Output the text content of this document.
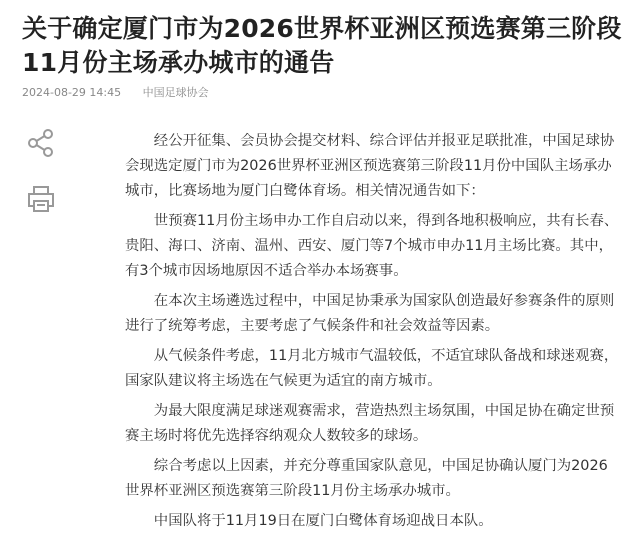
关于确定厦门市为2026世界杯亚洲区预选赛第三阶段11月份主场承办城市的通告
2024-08-29 14:45 中国足球协会

经公开征集、会员协会提交材料、综合评估并报亚足联批准，中国足球协会现选定厦门市为2026世界杯亚洲区预选赛第三阶段11月份中国队主场承办城市，比赛场地为厦门白鹭体育场。相关情况通告如下：

世预赛11月份主场申办工作自启动以来，得到各地积极响应，共有长春、贵阳、海口、济南、温州、西安、厦门等7个城市申办11月主场比赛。其中，有3个城市因场地原因不适合举办本场赛事。

在本次主场遴选过程中，中国足协秉承为国家队创造最好参赛条件的原则进行了统筹考虑，主要考虑了气候条件和社会效益等因素。

从气候条件考虑，11月北方城市气温较低，不适宜球队备战和球迷观赛，国家队建议将主场选在气候更为适宜的南方城市。

为最大限度满足球迷观赛需求，营造热烈主场氛围，中国足协在确定世预赛主场时将优先选择容纳观众人数较多的球场。

综合考虑以上因素，并充分尊重国家队意见，中国足协确认厦门为2026世界杯亚洲区预选赛第三阶段11月份主场承办城市。

中国队将于11月19日在厦门白鹭体育场迎战日本队。
